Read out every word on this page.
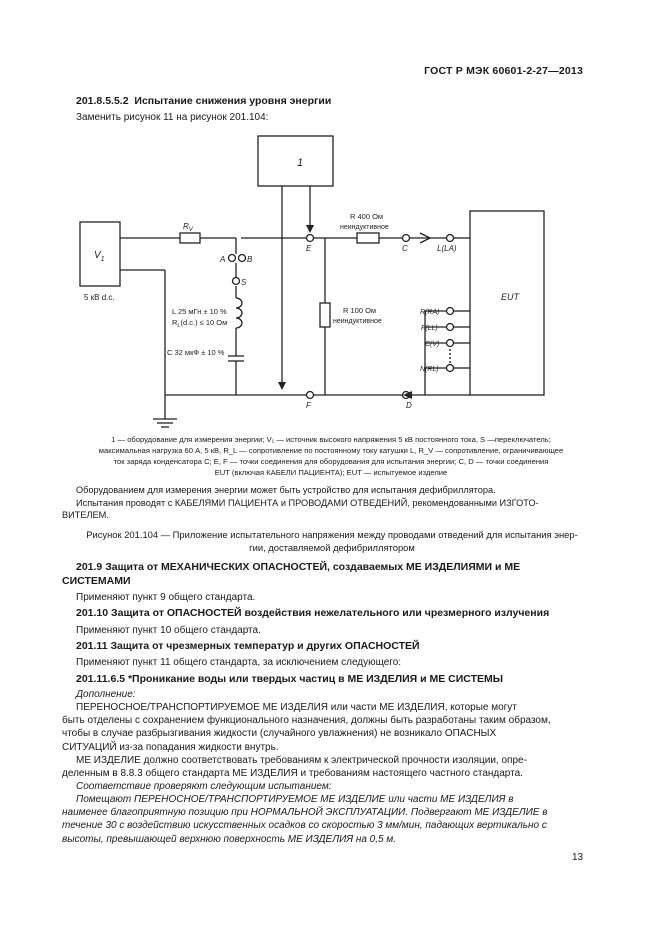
ГОСТ Р МЭК 60601-2-27—2013
201.8.5.5.2 Испытание снижения уровня энергии
Заменить рисунок 11 на рисунок 201.104:
1
$V_1$
5 кВ d.c.
$R_V$
A	B
S
L 25 мГн ± 10 %
$R_L(d.c.) \le 10$ Ом
C 32 мкФ ± 10 %
E
F
R 400 Ом
неиндуктивное
R 100 Ом
неиндуктивное
C
D
L(LA)
R(RA)
F(LL)
C(V)
N(RL)
EUT
1 — оборудование для измерения энергии; V₁ — источник высокого напряжения 5 кВ постоянного тока, S —переключатель;
максимальная нагрузка 60 А, 5 кВ, R_L — сопротивление по постоянному току катушки L, R_V — сопротивление, ограничивающее
ток заряда конденсатора C; E, F — точки соединения для оборудования для испытания энергии; C, D — точки соединения
EUT (включая КАБЕЛИ ПАЦИЕНТА); EUT — испытуемое изделие
Оборудованием для измерения энергии может быть устройство для испытания дефибриллятора.
Испытания проводят с КАБЕЛЯМИ ПАЦИЕНТА и ПРОВОДАМИ ОТВЕДЕНИЙ, рекомендованными ИЗГОТО-
ВИТЕЛЕМ.
Рисунок 201.104 — Приложение испытательного напряжения между проводами отведений для испытания энер-
гии, доставляемой дефибриллятором
201.9 Защита от МЕХАНИЧЕСКИХ ОПАСНОСТЕЙ, создаваемых МЕ ИЗДЕЛИЯМИ и МЕ
СИСТЕМАМИ
Применяют пункт 9 общего стандарта.
201.10 Защита от ОПАСНОСТЕЙ воздействия нежелательного или чрезмерного излучения
Применяют пункт 10 общего стандарта.
201.11 Защита от чрезмерных температур и других ОПАСНОСТЕЙ
Применяют пункт 11 общего стандарта, за исключением следующего:
201.11.6.5 *Проникание воды или твердых частиц в МЕ ИЗДЕЛИЯ и МЕ СИСТЕМЫ
Дополнение:
ПЕРЕНОСНОЕ/ТРАНСПОРТИРУЕМОЕ МЕ ИЗДЕЛИЯ или части МЕ ИЗДЕЛИЯ, которые могут
быть отделены с сохранением функционального назначения, должны быть разработаны таким образом,
чтобы в случае разбрызгивания жидкости (случайного увлажнения) не возникало ОПАСНЫХ
СИТУАЦИЙ из-за попадания жидкости внутрь.
МЕ ИЗДЕЛИЕ должно соответствовать требованиям к электрической прочности изоляции, опре-
деленным в 8.8.3 общего стандарта МЕ ИЗДЕЛИЯ и требованиям настоящего частного стандарта.
Соответствие проверяют следующим испытанием:
Помещают ПЕРЕНОСНОЕ/ТРАНСПОРТИРУЕМОЕ МЕ ИЗДЕЛИЕ или части МЕ ИЗДЕЛИЯ в
наименее благоприятную позицию при НОРМАЛЬНОЙ ЭКСПЛУАТАЦИИ. Подвергают МЕ ИЗДЕЛИЕ в
течение 30 с воздействию искусственных осадков со скоростью 3 мм/мин, падающих вертикально с
высоты, превышающей верхнюю поверхность МЕ ИЗДЕЛИЯ на 0,5 м.
13
